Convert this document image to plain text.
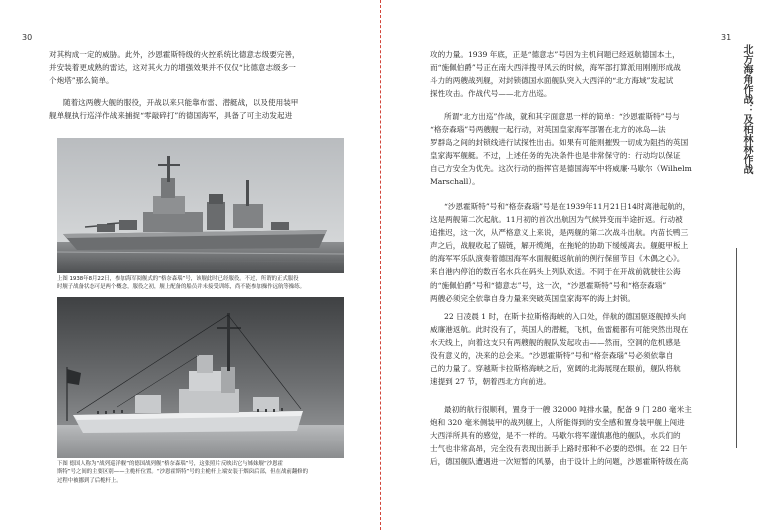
30
对其构成一定的威胁。此外，沙恩霍斯特级的火控系统比德意志级要完善，
并安装着更成熟的雷达，这对其火力的增强效果并不仅仅“比德意志级多一
个炮塔”那么简单。
随着这两艘大舰的服役，开战以来只能靠布雷、潜艇战，以及使用装甲
舰单舰执行巡洋作战来捕捉“零敲碎打”的德国海军，具备了可主动发起进
上图 1938年8月22日，参加海军阅舰式的“格奈森瑙”号，该舰此时已经服役。不过，所谓的正式服役
时舰子战备状态可是两个概念，服役之初，舰上配备的船员并未接受训练，尚不能参加操作远航等操练。
下图 德国人称为“战列巡洋舰”的德国战列舰“格奈森瑙”号，这张照片反映出它与姊妹舰“沙恩霍
斯特”号之间的主要区别——主桅杆位置。“沙恩霍斯特”号的主桅杆上端安装于烟囱后部，但在战前翻修的
过程中被挪到了后桅杆上。
31
攻的力量。1939 年底，正是“德意志”号因为主机问题已经返航德国本土，
而“施佩伯爵”号正在南大西洋搜寻风云的时候，海军部打算派用刚刚形成战
斗力的两艘战列舰，对封锁德国水面舰队突入大西洋的“北方海域”发起试
探性攻击。作战代号——北方出巡。
所谓“北方出巡”作战，就和其字面意思一样的简单：“沙恩霍斯特”号与
“格奈森瑙”号两艘舰一起行动，对英国皇家海军部署在北方的冰岛—法
罗群岛之间的封锁线进行试探性出击。如果有可能则摧毁一切成为阻挡的英国
皇家海军舰艇。不过，上述任务的先决条件也是非常保守的：行动均以保证
自己方安全为优先。这次行动的指挥官是德国海军中将威廉·马歇尔（Wilhelm
Marschall）。
“沙恩霍斯特”号和“格奈森瑙”号是在1939年11月21日14时离港起航的，
这是两舰第二次起航。11月初的首次出航因为气候异变而半途折返。行动被
追推迟，这一次，从严格意义上来说，是两舰的第二次战斗出航。内苗长鸭三
声之后，战舰收起了锚链，解开缆绳，在拖轮的协助下缓缓离去。舰艇甲板上
的海军军乐队演奏着德国海军水面舰艇返航前的例行保留节目《木偶之心》。
来自港内停泊的数百名水兵在码头上列队欢送。不同于在开战前就驶往公海
的“施佩伯爵”号和“德意志”号，这一次，“沙恩霍斯特”号和“格奈森瑙”
两艘必须完全依靠自身力量来突破英国皇家海军的海上封锁。
22 日凌晨 1 时，在斯卡拉斯格海峡的入口处，伴航的德国驱逐舰掉头向
威廉港返航。此时没有了，英国人的潜艇，飞机，鱼雷艇都有可能突然出现在
水天线上，向着这支只有两艘舰的舰队发起攻击——然而，空洞的危机感是
没有意义的，决来的总会来。“沙恩霍斯特”号和“格奈森瑙”号必须依靠自
己的力量了。穿越斯卡拉斯格海峡之后，宽阔的北海展现在眼前，舰队将航
速提到 27 节，朝着西北方向前进。
最初的航行很顺利，置身于一艘 32000 吨排水量，配备 9 门 280 毫米主
炮和 320 毫米侧装甲的战列舰上，人所能得到的安全感和置身装甲舰上闯进
大西洋所具有的感觉，是不一样的。马歇尔将军谨慎惠他的舰队，水兵们的
士气也非常高昂，完全没有表现出新手上路时那种不必要的恐惧。在 22 日午
后，德国舰队遭遇进一次短暂的风暴，由于设计上的问题，沙恩霍斯特级在高
北方海角作战：及柏林林作战
